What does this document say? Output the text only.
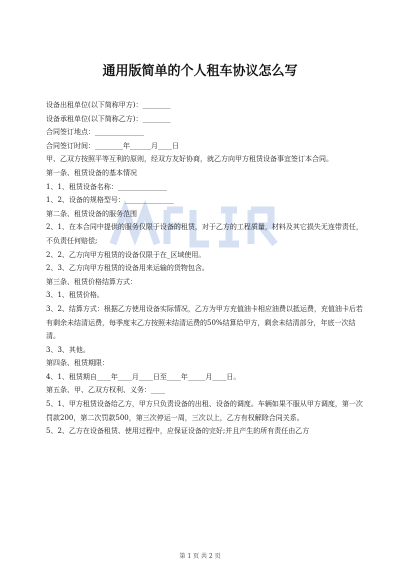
通用版简单的个人租车协议怎么写
设备出租单位(以下简称甲方)：________
设备承租单位(以下简称乙方)：________
合同签订地点：______________
合同签订时间：________年______月____日
甲、乙双方按照平等互利的原则，经双方友好协商，就乙方向甲方租赁设备事宜签订本合同。
第一条、租赁设备的基本情况
1、1、租赁设备名称：______________
1、2、设备的规格型号：______________
第二条、租赁设备的服务范围
2、1、在本合同中提供的服务仅限于设备的租赁，对于乙方的工程质量，材料及其它损失无连带责任，不负责任何赔偿;
2、2、乙方向甲方租赁的设备仅限于在_区域使用。
2、3、乙方向甲方租赁的设备用来运输的货物包含。
第三条、租赁价格结算方式：
3、1、租赁价格。
3、2、结算方式：根据乙方使用设备实际情况，乙方为甲方充值油卡相应油费以抵运费，充值油卡后若有剩余未结清运费，每季度末乙方按照未结清运费的50%结算给甲方，剩余未结清部分，年底一次结清。
3、3、其他。
第四条、租赁期限：
4、1、租赁期自____年____月____日至____年_____月____日。
第五条、甲、乙双方权利、义务：____
5、1、甲方租赁设备给乙方，甲方只负责设备的出租、设备的调度。车辆如果不服从甲方调度，第一次罚款200，第二次罚款500，第三次停运一周，三次以上，乙方有权解除合同关系。
5、2、乙方在设备租赁、使用过程中，应保证设备的完好;并且产生的所有责任由乙方
第 1 页 共 2 页
